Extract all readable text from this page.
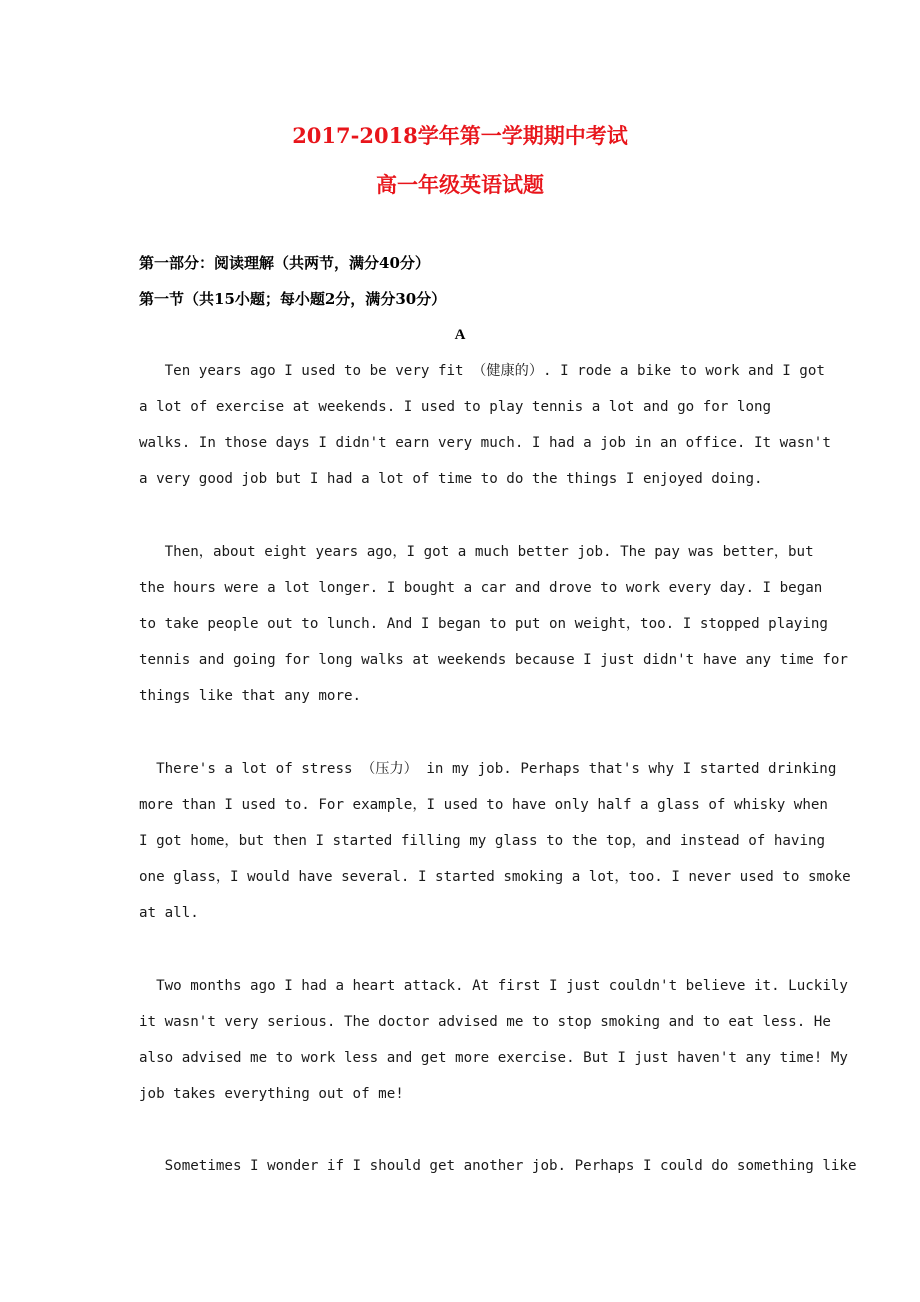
2017-2018学年第一学期期中考试
高一年级英语试题

第一部分：阅读理解（共两节，满分40分）

第一节（共15小题；每小题2分，满分30分）

A

Ten years ago I used to be very fit （健康的）. I rode a bike to work and I got
a lot of exercise at weekends. I used to play tennis a lot and go for long
walks. In those days I didn't earn very much. I had a job in an office. It wasn't
a very good job but I had a lot of time to do the things I enjoyed doing.
Then，about eight years ago，I got a much better job. The pay was better，but
the hours were a lot longer. I bought a car and drove to work every day. I began
to take people out to lunch. And I began to put on weight，too. I stopped playing
tennis and going for long walks at weekends because I just didn't have any time for
things like that any more.
There's a lot of stress （压力） in my job. Perhaps that's why I started drinking
more than I used to. For example，I used to have only half a glass of whisky when
I got home，but then I started filling my glass to the top，and instead of having
one glass，I would have several. I started smoking a lot，too. I never used to smoke
at all.
Two months ago I had a heart attack. At first I just couldn't believe it. Luckily
it wasn't very serious. The doctor advised me to stop smoking and to eat less. He
also advised me to work less and get more exercise. But I just haven't any time! My
job takes everything out of me!
Sometimes I wonder if I should get another job. Perhaps I could do something like
